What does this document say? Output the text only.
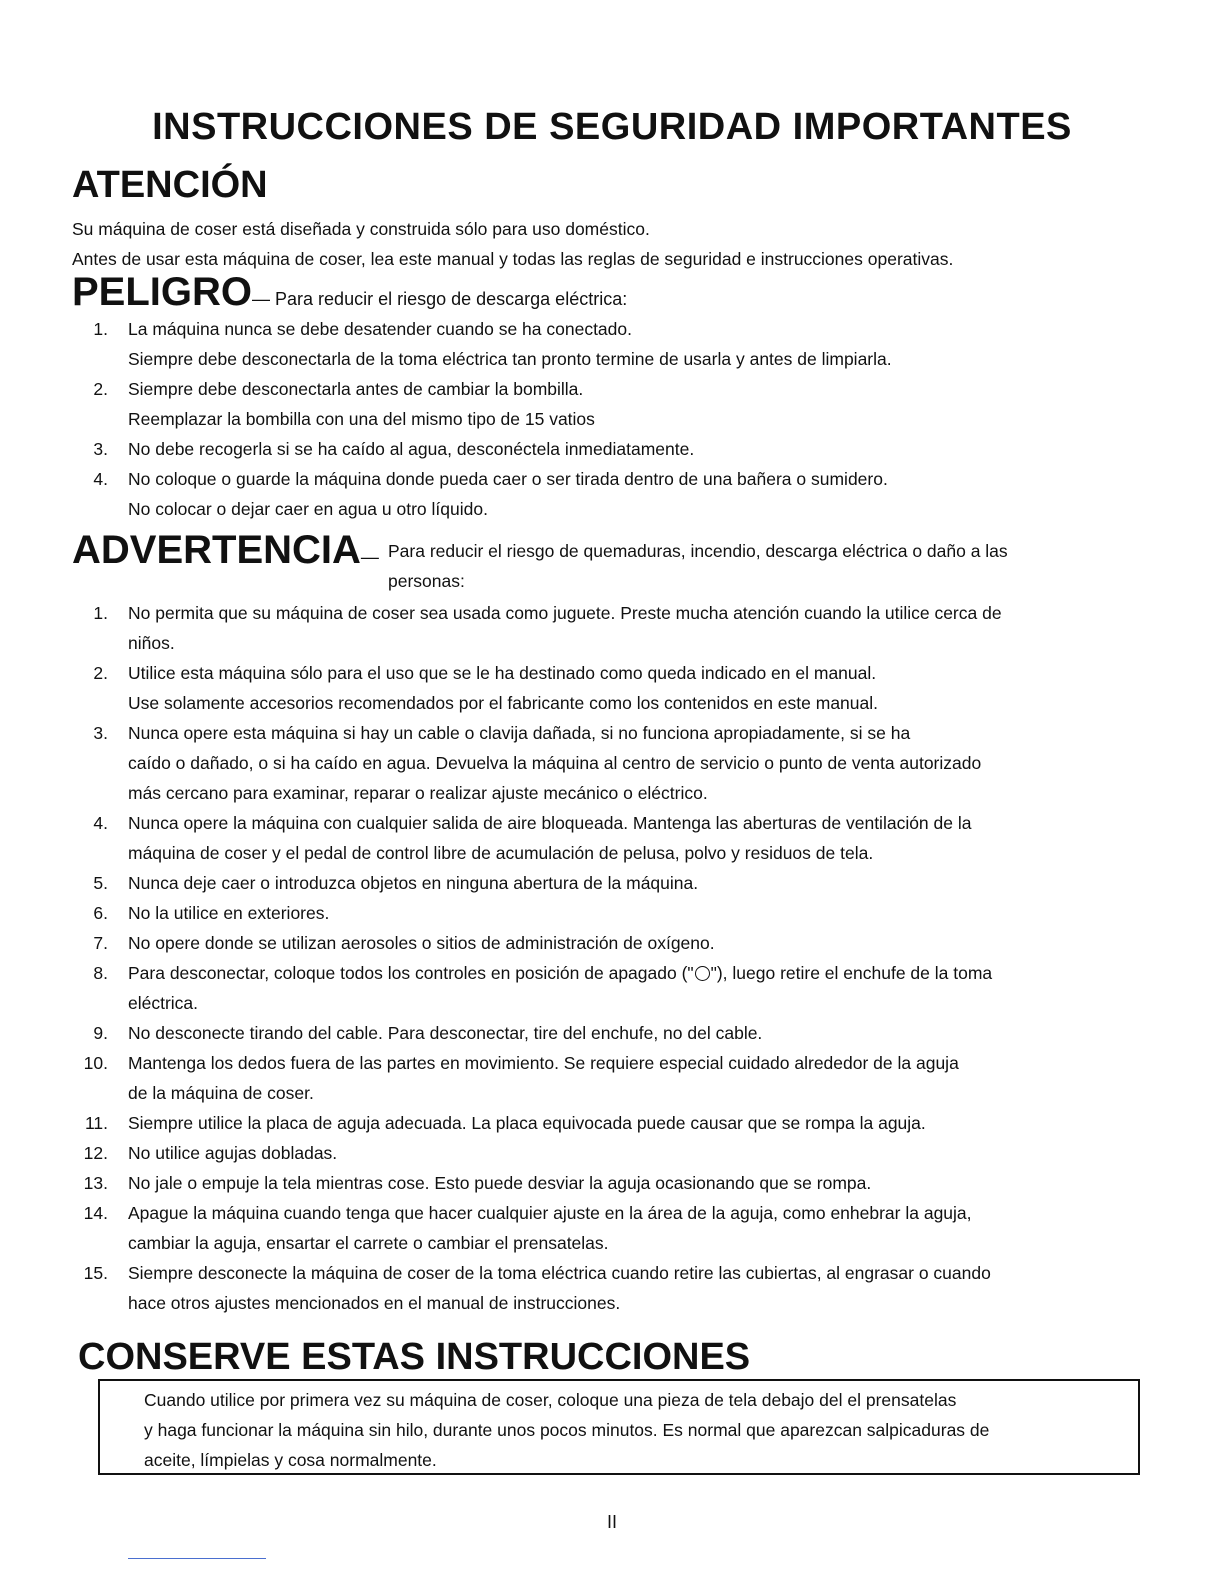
INSTRUCCIONES DE SEGURIDAD IMPORTANTES
ATENCIÓN

Su máquina de coser está diseñada y construida sólo para uso doméstico.

Antes de usar esta máquina de coser, lea este manual y todas las reglas de seguridad e instrucciones operativas.

PELIGRO— Para reducir el riesgo de descarga eléctrica:
1. La máquina nunca se debe desatender cuando se ha conectado.
Siempre debe desconectarla de la toma eléctrica tan pronto termine de usarla y antes de limpiarla.
2. Siempre debe desconectarla antes de cambiar la bombilla.
Reemplazar la bombilla con una del mismo tipo de 15 vatios
3. No debe recogerla si se ha caído al agua, desconéctela inmediatamente.
4. No coloque o guarde la máquina donde pueda caer o ser tirada dentro de una bañera o sumidero.
No colocar o dejar caer en agua u otro líquido.
ADVERTENCIA— Para reducir el riesgo de quemaduras, incendio, descarga eléctrica o daño a las
personas:
1. No permita que su máquina de coser sea usada como juguete. Preste mucha atención cuando la utilice cerca de
niños.
2. Utilice esta máquina sólo para el uso que se le ha destinado como queda indicado en el manual.
Use solamente accesorios recomendados por el fabricante como los contenidos en este manual.
3. Nunca opere esta máquina si hay un cable o clavija dañada, si no funciona apropiadamente, si se ha
caído o dañado, o si ha caído en agua. Devuelva la máquina al centro de servicio o punto de venta autorizado
más cercano para examinar, reparar o realizar ajuste mecánico o eléctrico.
4. Nunca opere la máquina con cualquier salida de aire bloqueada. Mantenga las aberturas de ventilación de la
máquina de coser y el pedal de control libre de acumulación de pelusa, polvo y residuos de tela.
5. Nunca deje caer o introduzca objetos en ninguna abertura de la máquina.
6. No la utilice en exteriores.
7. No opere donde se utilizan aerosoles o sitios de administración de oxígeno.
8. Para desconectar, coloque todos los controles en posición de apagado (" "), luego retire el enchufe de la toma
eléctrica.
9. No desconecte tirando del cable. Para desconectar, tire del enchufe, no del cable.
10. Mantenga los dedos fuera de las partes en movimiento. Se requiere especial cuidado alrededor de la aguja
de la máquina de coser.
11. Siempre utilice la placa de aguja adecuada. La placa equivocada puede causar que se rompa la aguja.
12. No utilice agujas dobladas.
13. No jale o empuje la tela mientras cose. Esto puede desviar la aguja ocasionando que se rompa.
14. Apague la máquina cuando tenga que hacer cualquier ajuste en la área de la aguja, como enhebrar la aguja,
cambiar la aguja, ensartar el carrete o cambiar el prensatelas.
15. Siempre desconecte la máquina de coser de la toma eléctrica cuando retire las cubiertas, al engrasar o cuando
hace otros ajustes mencionados en el manual de instrucciones.
CONSERVE ESTAS INSTRUCCIONES
Cuando utilice por primera vez su máquina de coser, coloque una pieza de tela debajo del el prensatelas
y haga funcionar la máquina sin hilo, durante unos pocos minutos. Es normal que aparezcan salpicaduras de
aceite, límpielas y cosa normalmente.
II
